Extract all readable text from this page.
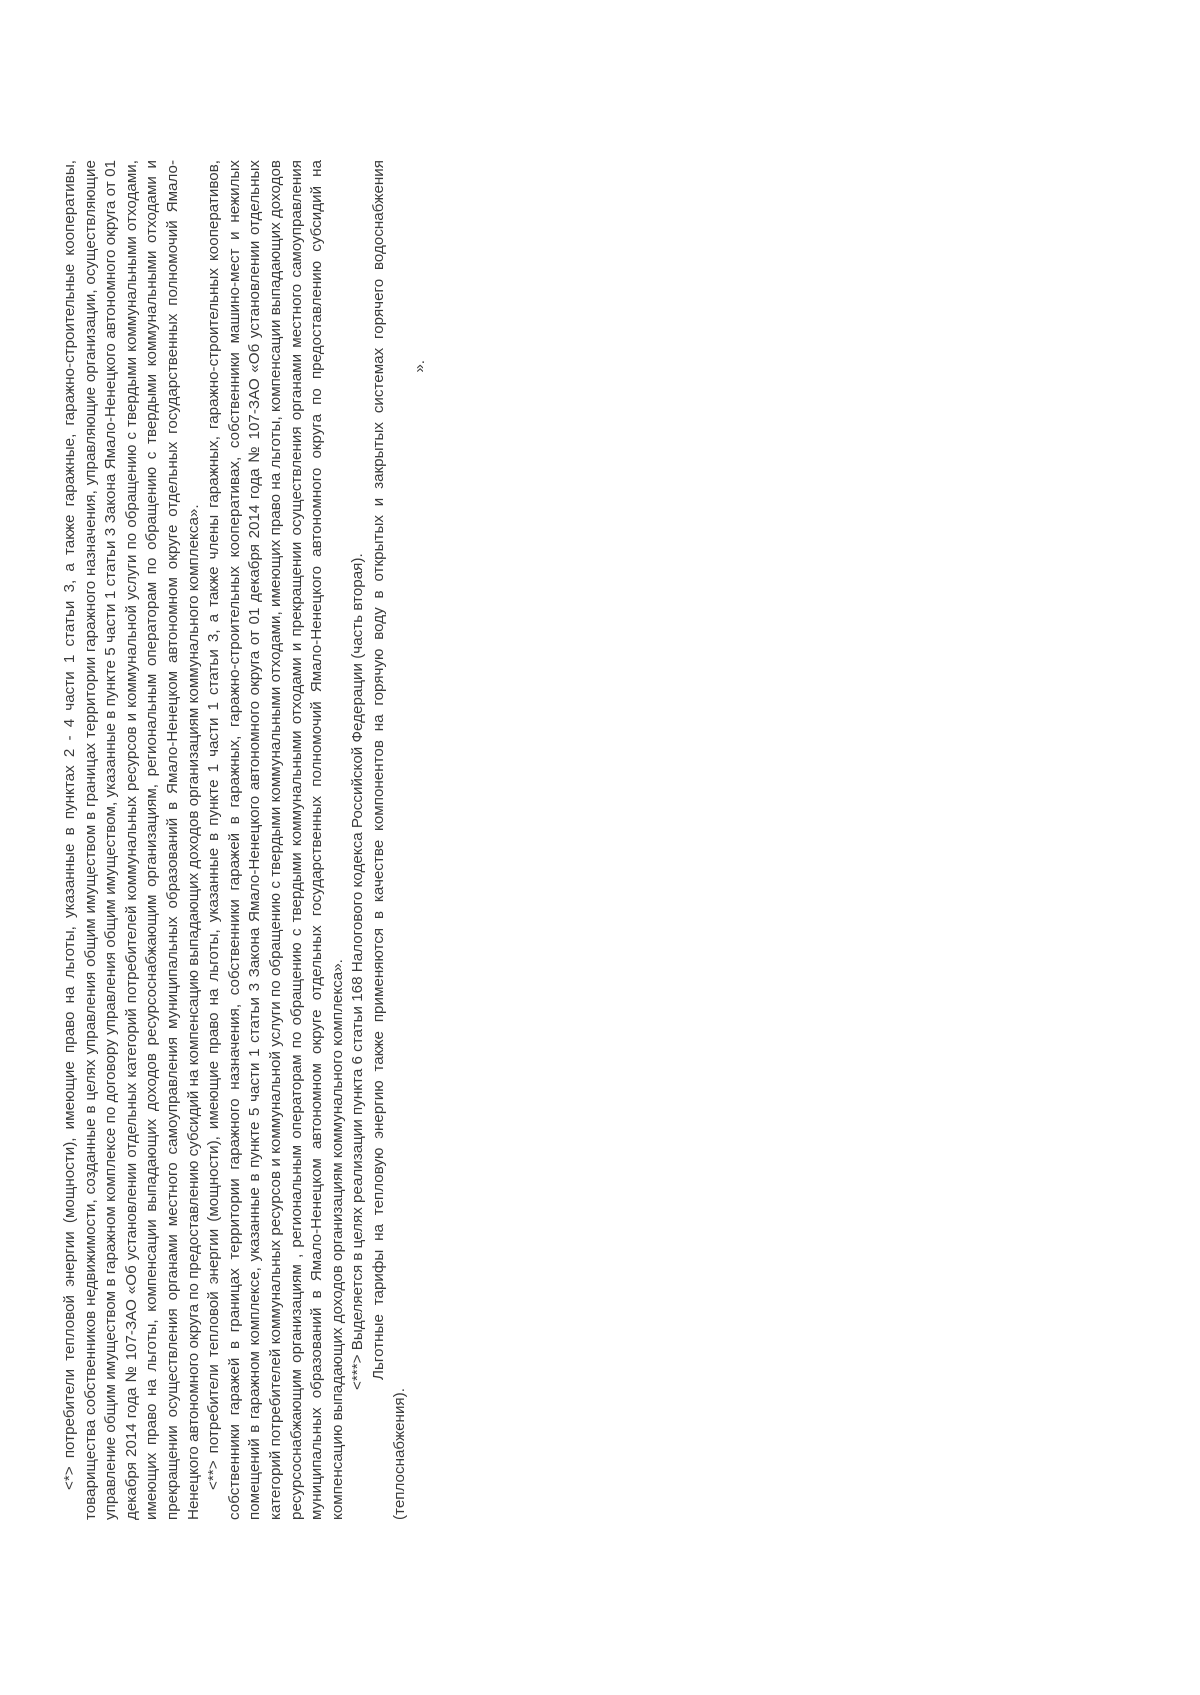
<*> потребители тепловой энергии (мощности), имеющие право на льготы, указанные в пунктах 2 - 4 части 1 статьи 3, а также гаражные, гаражно-строительные кооперативы, товарищества собственников недвижимости, созданные в целях управления общим имуществом в границах территории гаражного назначения, управляющие организации, осуществляющие управление общим имуществом в гаражном комплексе по договору управления общим имуществом, указанные в пункте 5 части 1 статьи 3 Закона Ямало-Ненецкого автономного округа от 01 декабря 2014 года № 107-ЗАО «Об установлении отдельных категорий потребителей коммунальных ресурсов и коммунальной услуги по обращению с твердыми коммунальными отходами, имеющих право на льготы, компенсации выпадающих доходов ресурсоснабжающим организациям, региональным операторам по обращению с твердыми коммунальными отходами и прекращении осуществления органами местного самоуправления муниципальных образований в Ямало-Ненецком автономном округе отдельных государственных полномочий Ямало-Ненецкого автономного округа по предоставлению субсидий на компенсацию выпадающих доходов организациям коммунального комплекса». <**> потребители тепловой энергии (мощности), имеющие право на льготы, указанные в пункте 1 части 1 статьи 3, а также члены гаражных, гаражно-строительных кооперативов, собственники гаражей в границах территории гаражного назначения, собственники гаражей в гаражных, гаражно-строительных кооперативах, собственники машино-мест и нежилых помещений в гаражном комплексе, указанные в пункте 5 части 1 статьи 3 Закона Ямало-Ненецкого автономного округа от 01 декабря 2014 года № 107-ЗАО «Об установлении отдельных категорий потребителей коммунальных ресурсов и коммунальной услуги по обращению с твердыми коммунальными отходами, имеющих право на льготы, компенсации выпадающих доходов ресурсоснабжающим организациям , региональным операторам по обращению с твердыми коммунальными отходами и прекращении осуществления органами местного самоуправления муниципальных образований в Ямало-Ненецком автономном округе отдельных государственных полномочий Ямало-Ненецкого автономного округа по предоставлению субсидий на компенсацию выпадающих доходов организациям коммунального комплекса». <***> Выделяется в целях реализации пункта 6 статьи 168 Налогового кодекса Российской Федерации (часть вторая). Льготные тарифы на тепловую энергию также применяются в качестве компонентов на горячую воду в открытых и закрытых системах горячего водоснабжения (теплоснабжения).

».
